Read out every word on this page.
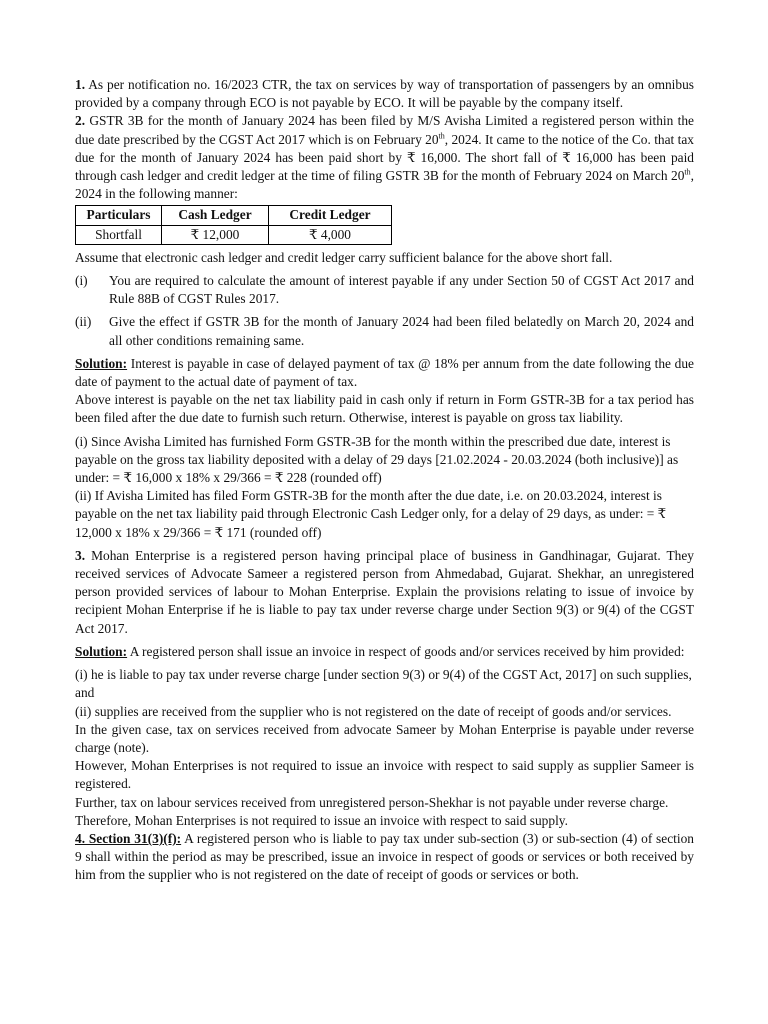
1. As per notification no. 16/2023 CTR, the tax on services by way of transportation of passengers by an omnibus provided by a company through ECO is not payable by ECO. It will be payable by the company itself.

2. GSTR 3B for the month of January 2024 has been filed by M/S Avisha Limited a registered person within the due date prescribed by the CGST Act 2017 which is on February 20th, 2024. It came to the notice of the Co. that tax due for the month of January 2024 has been paid short by ₹ 16,000. The short fall of ₹ 16,000 has been paid through cash ledger and credit ledger at the time of filing GSTR 3B for the month of February 2024 on March 20th, 2024 in the following manner:

Particulars	Cash Ledger	Credit Ledger
Shortfall	₹ 12,000	₹ 4,000

Assume that electronic cash ledger and credit ledger carry sufficient balance for the above short fall.

(i)	You are required to calculate the amount of interest payable if any under Section 50 of CGST Act 2017 and Rule 88B of CGST Rules 2017.
(ii)	Give the effect if GSTR 3B for the month of January 2024 had been filed belatedly on March 20, 2024 and all other conditions remaining same.

Solution: Interest is payable in case of delayed payment of tax @ 18% per annum from the date following the due date of payment to the actual date of payment of tax.

Above interest is payable on the net tax liability paid in cash only if return in Form GSTR-3B for a tax period has been filed after the due date to furnish such return. Otherwise, interest is payable on gross tax liability.

(i) Since Avisha Limited has furnished Form GSTR-3B for the month within the prescribed due date, interest is payable on the gross tax liability deposited with a delay of 29 days [21.02.2024 - 20.03.2024 (both inclusive)] as under: = ₹ 16,000 x 18% x 29/366 = ₹ 228 (rounded off)

(ii) If Avisha Limited has filed Form GSTR-3B for the month after the due date, i.e. on 20.03.2024, interest is payable on the net tax liability paid through Electronic Cash Ledger only, for a delay of 29 days, as under: = ₹ 12,000 x 18% x 29/366 = ₹ 171 (rounded off)

3. Mohan Enterprise is a registered person having principal place of business in Gandhinagar, Gujarat. They received services of Advocate Sameer a registered person from Ahmedabad, Gujarat. Shekhar, an unregistered person provided services of labour to Mohan Enterprise. Explain the provisions relating to issue of invoice by recipient Mohan Enterprise if he is liable to pay tax under reverse charge under Section 9(3) or 9(4) of the CGST Act 2017.

Solution: A registered person shall issue an invoice in respect of goods and/or services received by him provided:

(i) he is liable to pay tax under reverse charge [under section 9(3) or 9(4) of the CGST Act, 2017] on such supplies, and

(ii) supplies are received from the supplier who is not registered on the date of receipt of goods and/or services.

In the given case, tax on services received from advocate Sameer by Mohan Enterprise is payable under reverse charge (note).

However, Mohan Enterprises is not required to issue an invoice with respect to said supply as supplier Sameer is registered.

Further, tax on labour services received from unregistered person-Shekhar is not payable under reverse charge.

Therefore, Mohan Enterprises is not required to issue an invoice with respect to said supply.

4. Section 31(3)(f): A registered person who is liable to pay tax under sub-section (3) or sub-section (4) of section 9 shall within the period as may be prescribed, issue an invoice in respect of goods or services or both received by him from the supplier who is not registered on the date of receipt of goods or services or both.
